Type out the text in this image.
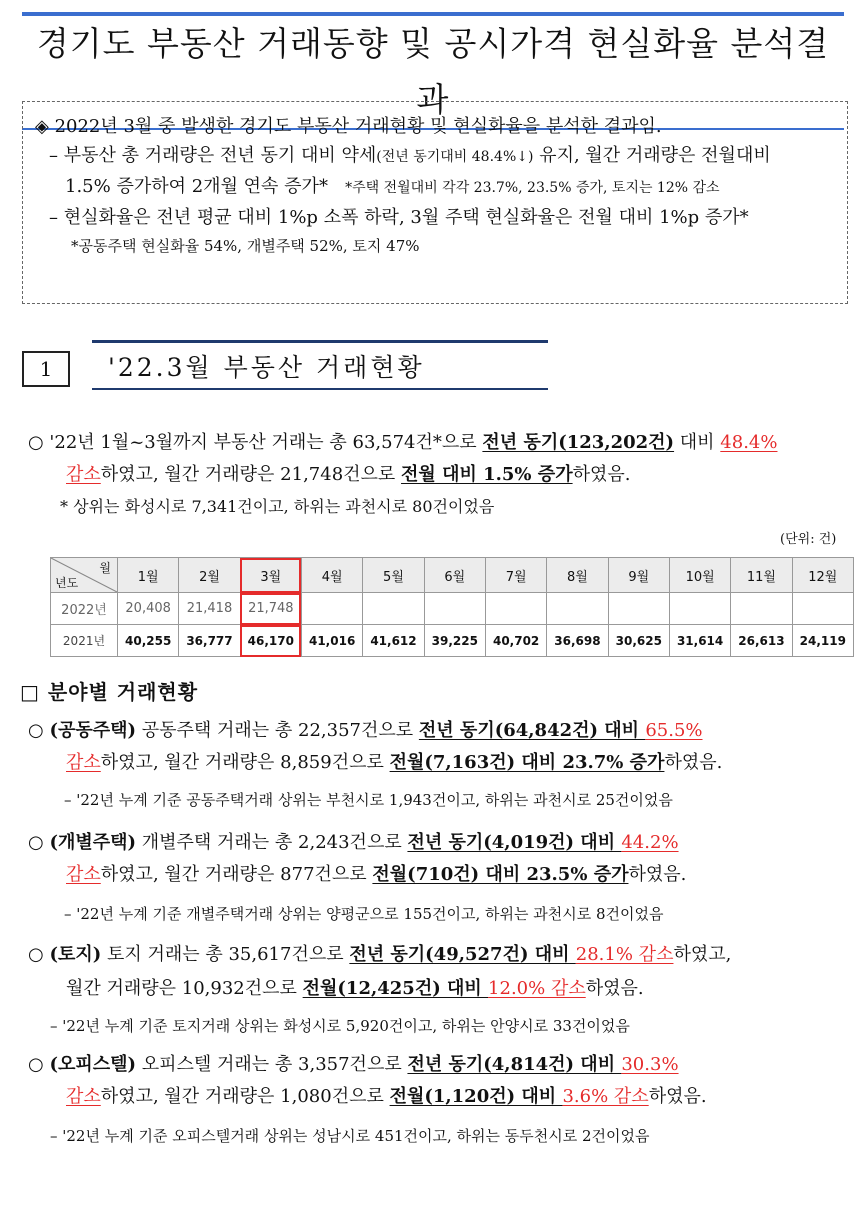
경기도 부동산 거래동향 및 공시가격 현실화율 분석결과
◈ 2022년 3월 중 발생한 경기도 부동산 거래현황 및 현실화율을 분석한 결과임.
– 부동산 총 거래량은 전년 동기 대비 약세(전년 동기대비 48.4%↓) 유지, 월간 거래량은 전월대비
1.5% 증가하여 2개월 연속 증가* *주택 전월대비 각각 23.7%, 23.5% 증가, 토지는 12% 감소
– 현실화율은 전년 평균 대비 1%p 소폭 하락, 3월 주택 현실화율은 전월 대비 1%p 증가*
*공동주택 현실화율 54%, 개별주택 52%, 토지 47%
1	'22.3월 부동산 거래현황
○ '22년 1월~3월까지 부동산 거래는 총 63,574건*으로 전년 동기(123,202건) 대비 48.4%
감소하였고, 월간 거래량은 21,748건으로 전월 대비 1.5% 증가하였음.
* 상위는 화성시로 7,341건이고, 하위는 과천시로 80건이었음
(단위: 건)
월
년도	1월	2월	3월	4월	5월	6월	7월	8월	9월	10월	11월	12월
2022년	20,408	21,418	21,748									
2021년	40,255	36,777	46,170	41,016	41,612	39,225	40,702	36,698	30,625	31,614	26,613	24,119
□ 분야별 거래현황
○ (공동주택) 공동주택 거래는 총 22,357건으로 전년 동기(64,842건) 대비 65.5%
감소하였고, 월간 거래량은 8,859건으로 전월(7,163건) 대비 23.7% 증가하였음.
– '22년 누계 기준 공동주택거래 상위는 부천시로 1,943건이고, 하위는 과천시로 25건이었음
○ (개별주택) 개별주택 거래는 총 2,243건으로 전년 동기(4,019건) 대비 44.2%
감소하였고, 월간 거래량은 877건으로 전월(710건) 대비 23.5% 증가하였음.
– '22년 누계 기준 개별주택거래 상위는 양평군으로 155건이고, 하위는 과천시로 8건이었음
○ (토지) 토지 거래는 총 35,617건으로 전년 동기(49,527건) 대비 28.1% 감소하였고,
월간 거래량은 10,932건으로 전월(12,425건) 대비 12.0% 감소하였음.
– '22년 누계 기준 토지거래 상위는 화성시로 5,920건이고, 하위는 안양시로 33건이었음
○ (오피스텔) 오피스텔 거래는 총 3,357건으로 전년 동기(4,814건) 대비 30.3%
감소하였고, 월간 거래량은 1,080건으로 전월(1,120건) 대비 3.6% 감소하였음.
– '22년 누계 기준 오피스텔거래 상위는 성남시로 451건이고, 하위는 동두천시로 2건이었음
